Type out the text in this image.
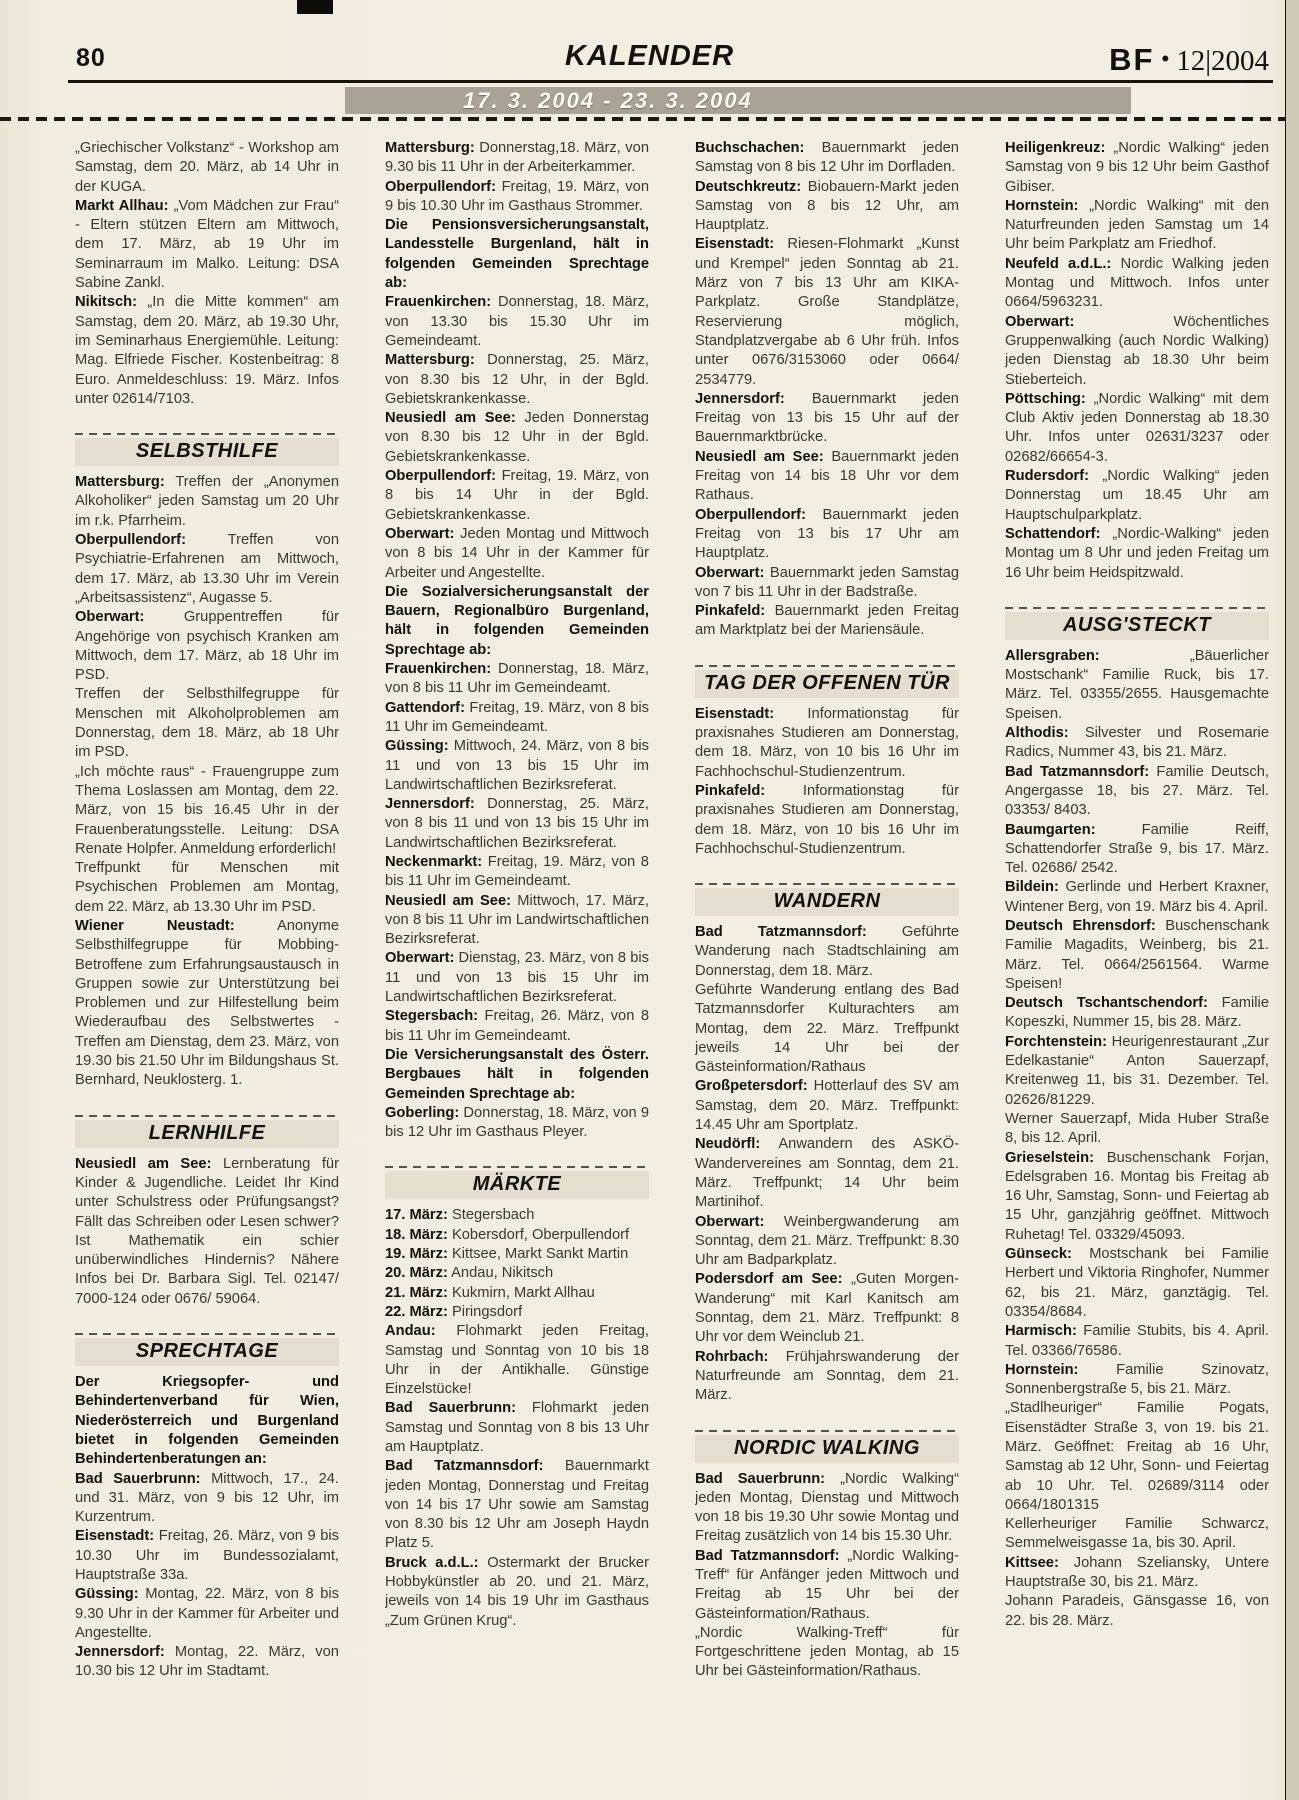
80	KALENDER	BF • 12|2004
17. 3. 2004 - 23. 3. 2004

„Griechischer Volkstanz“ - Workshop am Samstag, dem 20. März, ab 14 Uhr in der KUGA.

Markt Allhau: „Vom Mädchen zur Frau“ - Eltern stützen Eltern am Mittwoch, dem 17. März, ab 19 Uhr im Seminarraum im Malko. Leitung: DSA Sabine Zankl.

Nikitsch: „In die Mitte kommen“ am Samstag, dem 20. März, ab 19.30 Uhr, im Seminarhaus Energiemühle. Leitung: Mag. Elfriede Fischer. Kostenbeitrag: 8 Euro. Anmeldeschluss: 19. März. Infos unter 02614/7103.

SELBSTHILFE

Mattersburg: Treffen der „Anonymen Alkoholiker“ jeden Samstag um 20 Uhr im r.k. Pfarrheim.

Oberpullendorf:	Treffen von Psychiatrie-Erfahrenen am Mittwoch, dem 17. März, ab 13.30 Uhr im Verein „Arbeitsassistenz“, Augasse 5.

Oberwart:	Gruppentreffen für Angehörige von psychisch Kranken am Mittwoch, dem 17. März, ab 18 Uhr im PSD.

Treffen der Selbsthilfegruppe für Menschen mit Alkoholproblemen am Donnerstag, dem 18. März, ab 18 Uhr im PSD.

„Ich möchte raus“ - Frauengruppe zum Thema Loslassen am Montag, dem 22. März, von 15 bis 16.45 Uhr in der Frauenberatungsstelle. Leitung: DSA Renate Holpfer. Anmeldung erforderlich!

Treffpunkt für Menschen mit Psychischen Problemen am Montag, dem 22. März, ab 13.30 Uhr im PSD.

Wiener Neustadt:	Anonyme Selbsthilfegruppe für Mobbing-Betroffene zum Erfahrungsaustausch in Gruppen sowie zur Unterstützung bei Problemen und zur Hilfestellung beim Wiederaufbau des Selbstwertes - Treffen am Dienstag, dem 23. März, von 19.30 bis 21.50 Uhr im Bildungshaus St. Bernhard, Neuklosterg. 1.

LERNHILFE

Neusiedl am See: Lernberatung für Kinder & Jugendliche. Leidet Ihr Kind unter Schulstress oder Prüfungsangst? Fällt das Schreiben oder Lesen schwer? Ist Mathematik ein schier unüberwindliches Hindernis? Nähere Infos bei Dr. Barbara Sigl. Tel. 02147/ 7000-124 oder 0676/ 59064.

SPRECHTAGE

Der Kriegsopfer- und Behindertenverband für Wien, Niederösterreich und Burgenland bietet in folgenden Gemeinden Behindertenberatungen an:

Bad Sauerbrunn: Mittwoch, 17., 24. und 31. März, von 9 bis 12 Uhr, im Kurzentrum.

Eisenstadt: Freitag, 26. März, von 9 bis 10.30 Uhr im Bundessozialamt, Hauptstraße 33a.

Güssing: Montag, 22. März, von 8 bis 9.30 Uhr in der Kammer für Arbeiter und Angestellte.

Jennersdorf: Montag, 22. März, von 10.30 bis 12 Uhr im Stadtamt.

Mattersburg: Donnerstag,18. März, von 9.30 bis 11 Uhr in der Arbeiterkammer.

Oberpullendorf: Freitag, 19. März, von 9 bis 10.30 Uhr im Gasthaus Strommer.

Die Pensionsversicherungsanstalt, Landesstelle Burgenland, hält in folgenden Gemeinden Sprechtage ab:

Frauenkirchen: Donnerstag, 18. März, von 13.30 bis 15.30 Uhr im Gemeindeamt.

Mattersburg: Donnerstag, 25. März, von 8.30 bis 12 Uhr, in der Bgld. Gebietskrankenkasse.

Neusiedl am See: Jeden Donnerstag von 8.30 bis 12 Uhr in der Bgld. Gebietskrankenkasse.

Oberpullendorf: Freitag, 19. März, von 8 bis 14 Uhr in der Bgld. Gebietskrankenkasse.

Oberwart: Jeden Montag und Mittwoch von 8 bis 14 Uhr in der Kammer für Arbeiter und Angestellte.

Die Sozialversicherungsanstalt der Bauern, Regionalbüro Burgenland, hält in folgenden Gemeinden Sprechtage ab:

Frauenkirchen: Donnerstag, 18. März, von 8 bis 11 Uhr im Gemeindeamt.

Gattendorf: Freitag, 19. März, von 8 bis 11 Uhr im Gemeindeamt.

Güssing: Mittwoch, 24. März, von 8 bis 11 und von 13 bis 15 Uhr im Landwirtschaftlichen Bezirksreferat.

Jennersdorf: Donnerstag, 25. März, von 8 bis 11 und von 13 bis 15 Uhr im Landwirtschaftlichen Bezirksreferat.

Neckenmarkt: Freitag, 19. März, von 8 bis 11 Uhr im Gemeindeamt.

Neusiedl am See: Mittwoch, 17. März, von 8 bis 11 Uhr im Landwirtschaftlichen Bezirksreferat.

Oberwart: Dienstag, 23. März, von 8 bis 11 und von 13 bis 15 Uhr im Landwirtschaftlichen Bezirksreferat.

Stegersbach: Freitag, 26. März, von 8 bis 11 Uhr im Gemeindeamt.

Die Versicherungsanstalt des Österr. Bergbaues hält in folgenden Gemeinden Sprechtage ab:

Goberling: Donnerstag, 18. März, von 9 bis 12 Uhr im Gasthaus Pleyer.

MÄRKTE

17. März: Stegersbach

18. März: Kobersdorf, Oberpullendorf

19. März: Kittsee, Markt Sankt Martin

20. März: Andau, Nikitsch

21. März: Kukmirn, Markt Allhau

22. März: Piringsdorf

Andau: Flohmarkt jeden Freitag, Samstag und Sonntag von 10 bis 18 Uhr in der Antikhalle. Günstige Einzelstücke!

Bad Sauerbrunn: Flohmarkt jeden Samstag und Sonntag von 8 bis 13 Uhr am Hauptplatz.

Bad Tatzmannsdorf: Bauernmarkt jeden Montag, Donnerstag und Freitag von 14 bis 17 Uhr sowie am Samstag von 8.30 bis 12 Uhr am Joseph Haydn Platz 5.

Bruck a.d.L.: Ostermarkt der Brucker Hobbykünstler ab 20. und 21. März, jeweils von 14 bis 19 Uhr im Gasthaus „Zum Grünen Krug“.

Buchschachen: Bauernmarkt jeden Samstag von 8 bis 12 Uhr im Dorfladen.

Deutschkreutz: Biobauern-Markt jeden Samstag von 8 bis 12 Uhr, am Hauptplatz.

Eisenstadt: Riesen-Flohmarkt „Kunst und Krempel“ jeden Sonntag ab 21. März von 7 bis 13 Uhr am KIKA-Parkplatz. Große Standplätze, Reservierung möglich, Standplatzvergabe ab 6 Uhr früh. Infos unter 0676/3153060 oder 0664/ 2534779.

Jennersdorf: Bauernmarkt jeden Freitag von 13 bis 15 Uhr auf der Bauernmarktbrücke.

Neusiedl am See: Bauernmarkt jeden Freitag von 14 bis 18 Uhr vor dem Rathaus.

Oberpullendorf: Bauernmarkt jeden Freitag von 13 bis 17 Uhr am Hauptplatz.

Oberwart: Bauernmarkt jeden Samstag von 7 bis 11 Uhr in der Badstraße.

Pinkafeld: Bauernmarkt jeden Freitag am Marktplatz bei der Mariensäule.

TAG DER OFFENEN TÜR

Eisenstadt: Informationstag für praxisnahes Studieren am Donnerstag, dem 18. März, von 10 bis 16 Uhr im Fachhochschul-Studienzentrum.

Pinkafeld:	Informationstag für praxisnahes Studieren am Donnerstag, dem 18. März, von 10 bis 16 Uhr im Fachhochschul-Studienzentrum.

WANDERN

Bad Tatzmannsdorf: Geführte Wanderung nach Stadtschlaining am Donnerstag, dem 18. März.

Geführte Wanderung entlang des Bad Tatzmannsdorfer Kulturachters am Montag, dem 22. März. Treffpunkt jeweils 14 Uhr bei der Gästeinformation/Rathaus

Großpetersdorf: Hotterlauf des SV am Samstag, dem 20. März. Treffpunkt: 14.45 Uhr am Sportplatz.

Neudörfl: Anwandern des ASKÖ-Wandervereines am Sonntag, dem 21. März. Treffpunkt; 14 Uhr beim Martinihof.

Oberwart: Weinbergwanderung am Sonntag, dem 21. März. Treffpunkt: 8.30 Uhr am Badparkplatz.

Podersdorf am See: „Guten Morgen-Wanderung“ mit Karl Kanitsch am Sonntag, dem 21. März. Treffpunkt: 8 Uhr vor dem Weinclub 21.

Rohrbach: Frühjahrswanderung der Naturfreunde am Sonntag, dem 21. März.

NORDIC WALKING

Bad Sauerbrunn: „Nordic Walking“ jeden Montag, Dienstag und Mittwoch von 18 bis 19.30 Uhr sowie Montag und Freitag zusätzlich von 14 bis 15.30 Uhr.

Bad Tatzmannsdorf: „Nordic Walking-Treff“ für Anfänger jeden Mittwoch und Freitag ab 15 Uhr bei der Gästeinformation/Rathaus.

„Nordic Walking-Treff“ für Fortgeschrittene jeden Montag, ab 15 Uhr bei Gästeinformation/Rathaus.

Heiligenkreuz: „Nordic Walking“ jeden Samstag von 9 bis 12 Uhr beim Gasthof Gibiser.

Hornstein: „Nordic Walking“ mit den Naturfreunden jeden Samstag um 14 Uhr beim Parkplatz am Friedhof.

Neufeld a.d.L.: Nordic Walking jeden Montag und Mittwoch. Infos unter 0664/5963231.

Oberwart:	Wöchentliches Gruppenwalking (auch Nordic Walking) jeden Dienstag ab 18.30 Uhr beim Stieberteich.

Pöttsching: „Nordic Walking“ mit dem Club Aktiv jeden Donnerstag ab 18.30 Uhr. Infos unter 02631/3237 oder 02682/66654-3.

Rudersdorf: „Nordic Walking“ jeden Donnerstag um 18.45 Uhr am Hauptschulparkplatz.

Schattendorf: „Nordic-Walking“ jeden Montag um 8 Uhr und jeden Freitag um 16 Uhr beim Heidspitzwald.

AUSG'STECKT

Allersgraben:	„Bäuerlicher Mostschank“ Familie Ruck, bis 17. März. Tel. 03355/2655. Hausgemachte Speisen.

Althodis: Silvester und Rosemarie Radics, Nummer 43, bis 21. März.

Bad Tatzmannsdorf: Familie Deutsch, Angergasse 18, bis 27. März. Tel. 03353/ 8403.

Baumgarten:	Familie Reiff, Schattendorfer Straße 9, bis 17. März. Tel. 02686/ 2542.

Bildein: Gerlinde und Herbert Kraxner, Wintener Berg, von 19. März bis 4. April.

Deutsch Ehrensdorf: Buschenschank Familie Magadits, Weinberg, bis 21. März. Tel. 0664/2561564. Warme Speisen!

Deutsch Tschantschendorf: Familie Kopeszki, Nummer 15, bis 28. März.

Forchtenstein: Heurigenrestaurant „Zur Edelkastanie“ Anton Sauerzapf, Kreitenweg 11, bis 31. Dezember. Tel. 02626/81229.

Werner Sauerzapf, Mida Huber Straße 8, bis 12. April.

Grieselstein: Buschenschank Forjan, Edelsgraben 16. Montag bis Freitag ab 16 Uhr, Samstag, Sonn- und Feiertag ab 15 Uhr, ganzjährig geöffnet. Mittwoch Ruhetag! Tel. 03329/45093.

Günseck: Mostschank bei Familie Herbert und Viktoria Ringhofer, Nummer 62, bis 21. März, ganztägig. Tel. 03354/8684.

Harmisch: Familie Stubits, bis 4. April. Tel. 03366/76586.

Hornstein:	Familie Szinovatz, Sonnenbergstraße 5, bis 21. März.

„Stadlheuriger“ Familie Pogats, Eisenstädter Straße 3, von 19. bis 21. März. Geöffnet: Freitag ab 16 Uhr, Samstag ab 12 Uhr, Sonn- und Feiertag ab 10 Uhr. Tel. 02689/3114 oder 0664/1801315

Kellerheuriger Familie Schwarcz, Semmelweisgasse 1a, bis 30. April.

Kittsee: Johann Szeliansky, Untere Hauptstraße 30, bis 21. März.

Johann Paradeis, Gänsgasse 16, von 22. bis 28. März.
